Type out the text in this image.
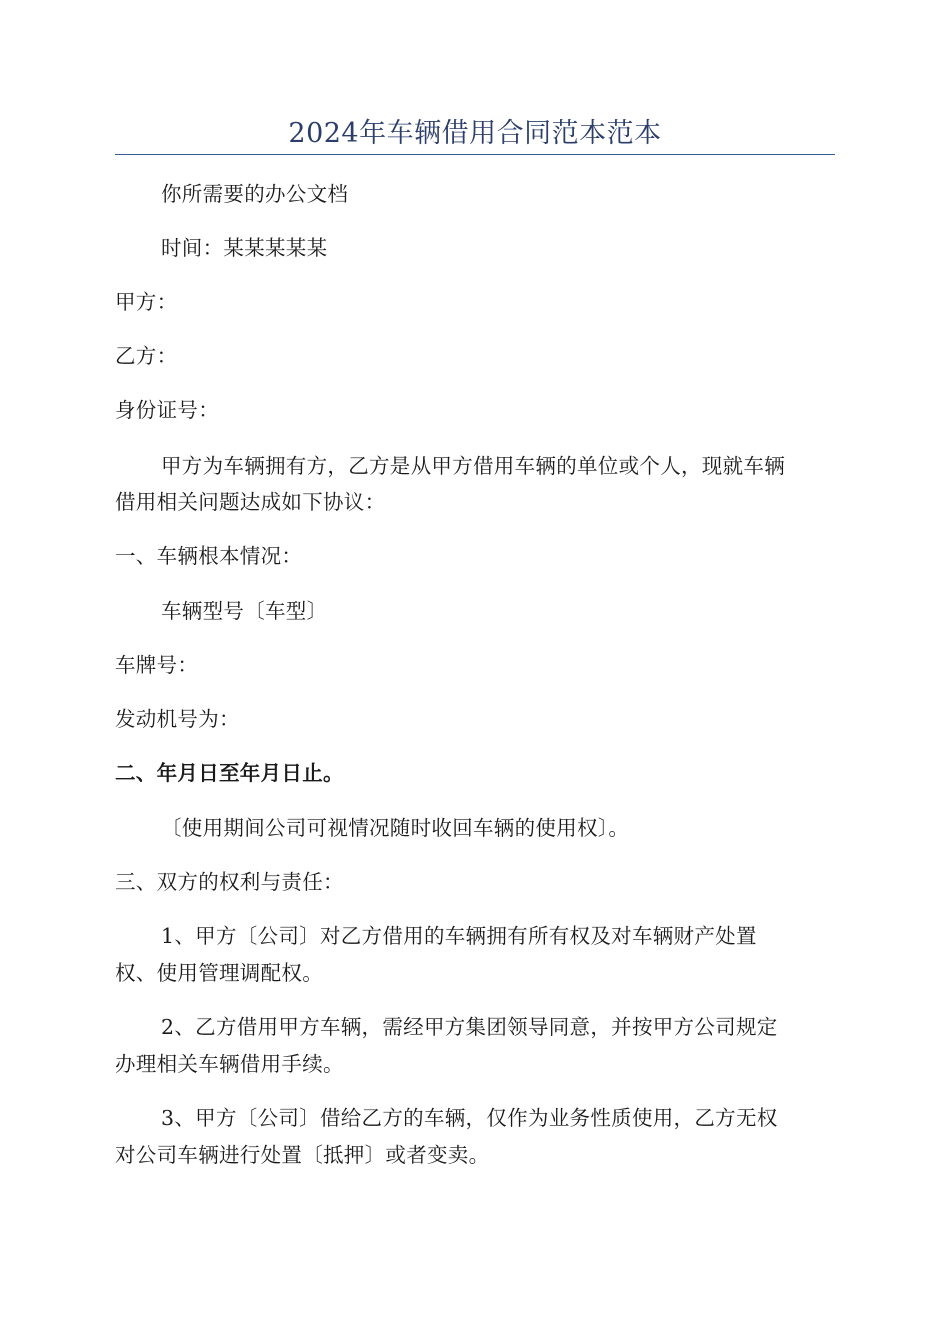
2024年车辆借用合同范本范本
你所需要的办公文档
时间：某某某某某
甲方：
乙方：
身份证号：
甲方为车辆拥有方，乙方是从甲方借用车辆的单位或个人，现就车辆
借用相关问题达成如下协议：
一、车辆根本情况：
车辆型号〔车型〕
车牌号：
发动机号为：
二、年月日至年月日止。
〔使用期间公司可视情况随时收回车辆的使用权〕。
三、双方的权利与责任：
1、甲方〔公司〕对乙方借用的车辆拥有所有权及对车辆财产处置
权、使用管理调配权。
2、乙方借用甲方车辆，需经甲方集团领导同意，并按甲方公司规定
办理相关车辆借用手续。
3、甲方〔公司〕借给乙方的车辆，仅作为业务性质使用，乙方无权
对公司车辆进行处置〔抵押〕或者变卖。
